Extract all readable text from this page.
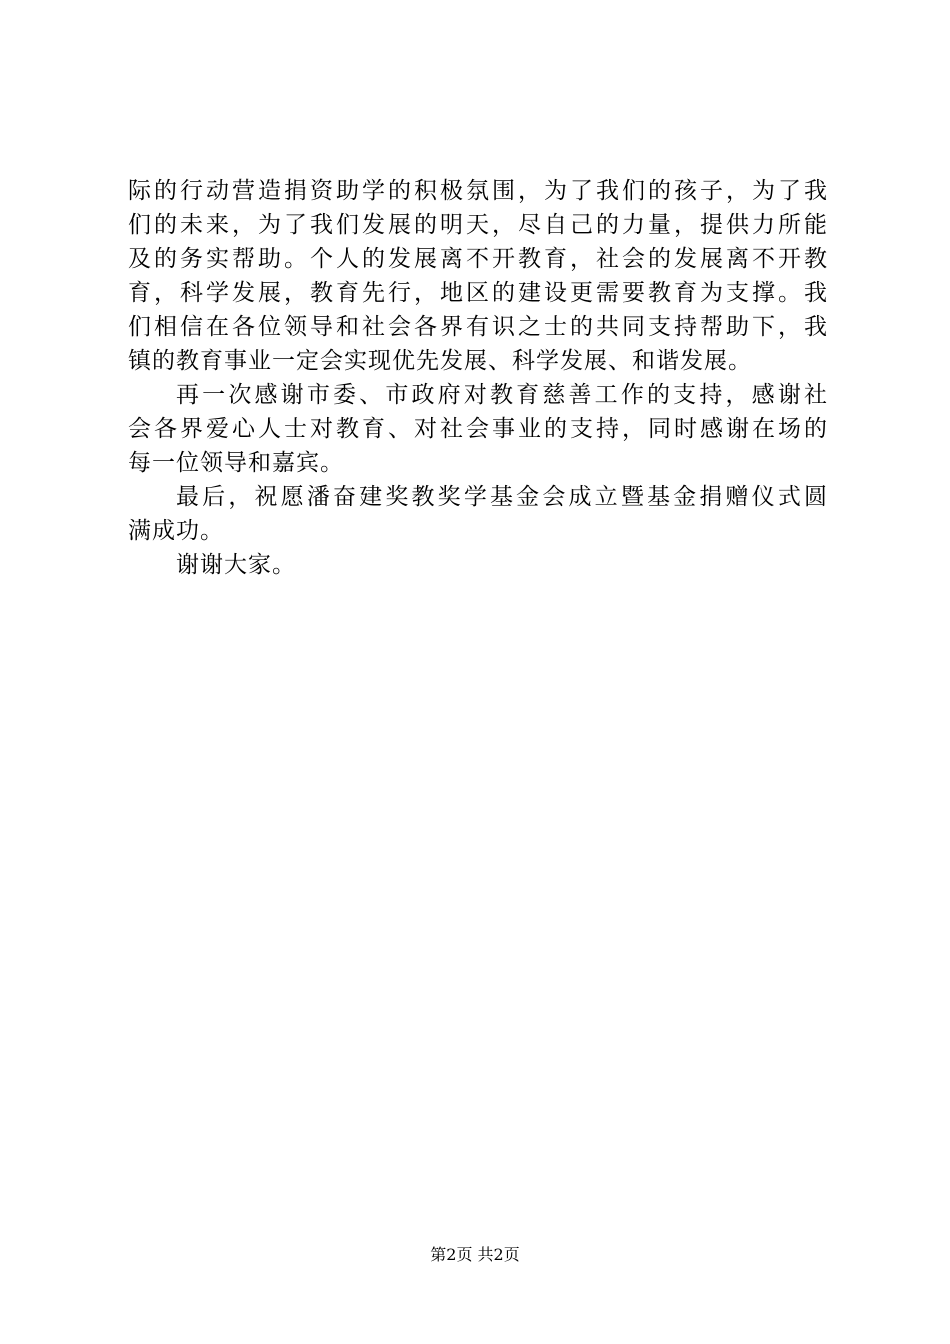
际的行动营造捐资助学的积极氛围，为了我们的孩子，为了我
们的未来，为了我们发展的明天，尽自己的力量，提供力所能
及的务实帮助。个人的发展离不开教育，社会的发展离不开教
育，科学发展，教育先行，地区的建设更需要教育为支撑。我
们相信在各位领导和社会各界有识之士的共同支持帮助下，我
镇的教育事业一定会实现优先发展、科学发展、和谐发展。
再一次感谢市委、市政府对教育慈善工作的支持，感谢社
会各界爱心人士对教育、对社会事业的支持，同时感谢在场的
每一位领导和嘉宾。
最后，祝愿潘奋建奖教奖学基金会成立暨基金捐赠仪式圆
满成功。
谢谢大家。
第2页 共2页
